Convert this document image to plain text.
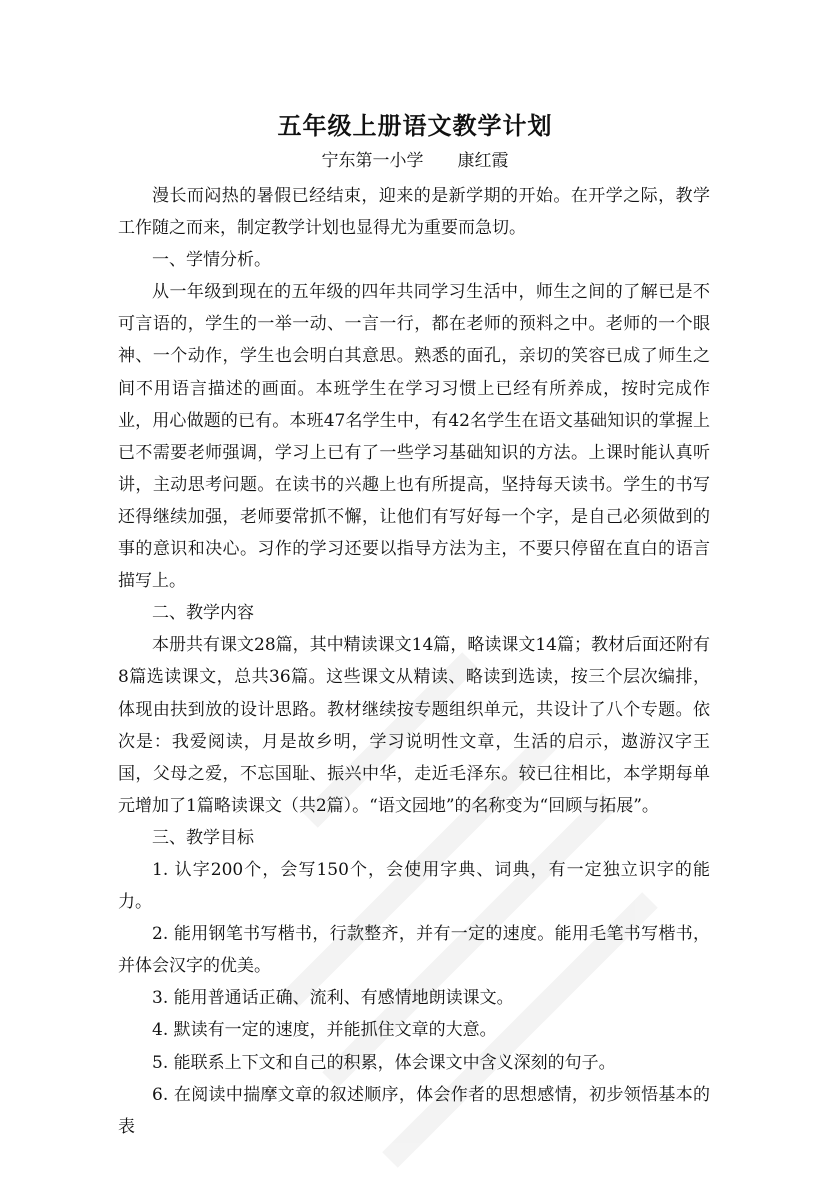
五年级上册语文教学计划
宁东第一小学 康红霞

漫长而闷热的暑假已经结束，迎来的是新学期的开始。在开学之际，教学工作随之而来，制定教学计划也显得尤为重要而急切。

一、学情分析。

从一年级到现在的五年级的四年共同学习生活中，师生之间的了解已是不可言语的，学生的一举一动、一言一行，都在老师的预料之中。老师的一个眼神、一个动作，学生也会明白其意思。熟悉的面孔，亲切的笑容已成了师生之间不用语言描述的画面。本班学生在学习习惯上已经有所养成，按时完成作业，用心做题的已有。本班47名学生中，有42名学生在语文基础知识的掌握上已不需要老师强调，学习上已有了一些学习基础知识的方法。上课时能认真听讲，主动思考问题。在读书的兴趣上也有所提高，坚持每天读书。学生的书写还得继续加强，老师要常抓不懈，让他们有写好每一个字，是自己必须做到的事的意识和决心。习作的学习还要以指导方法为主，不要只停留在直白的语言描写上。

二、教学内容

本册共有课文28篇，其中精读课文14篇，略读课文14篇；教材后面还附有8篇选读课文，总共36篇。这些课文从精读、略读到选读，按三个层次编排，体现由扶到放的设计思路。教材继续按专题组织单元，共设计了八个专题。依次是：我爱阅读，月是故乡明，学习说明性文章，生活的启示，遨游汉字王国，父母之爱，不忘国耻、振兴中华，走近毛泽东。较已往相比，本学期每单元增加了1篇略读课文（共2篇）。“语文园地”的名称变为“回顾与拓展”。

三、教学目标

1. 认字200个，会写150个，会使用字典、词典，有一定独立识字的能力。

2. 能用钢笔书写楷书，行款整齐，并有一定的速度。能用毛笔书写楷书，并体会汉字的优美。

3. 能用普通话正确、流利、有感情地朗读课文。

4. 默读有一定的速度，并能抓住文章的大意。

5. 能联系上下文和自己的积累，体会课文中含义深刻的句子。

6. 在阅读中揣摩文章的叙述顺序，体会作者的思想感情，初步领悟基本的表
